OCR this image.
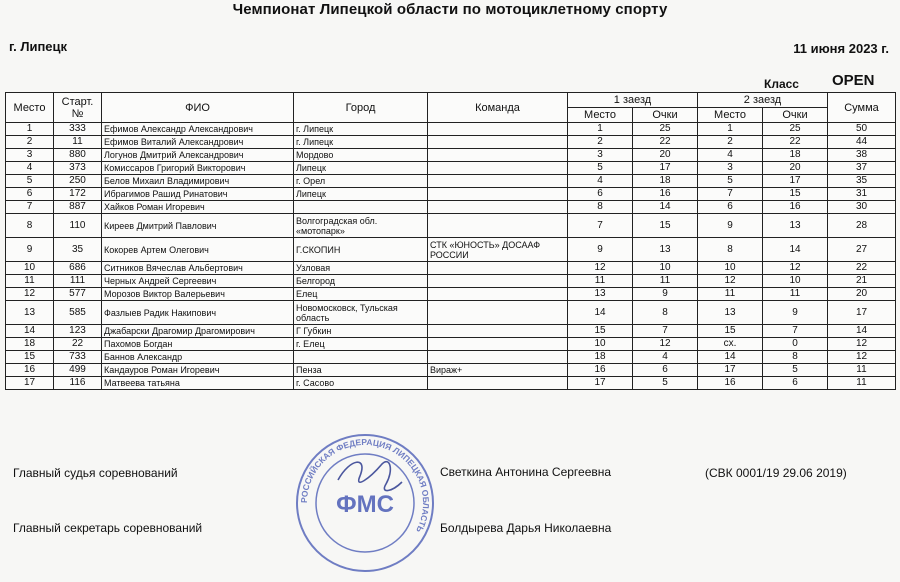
Чемпионат Липецкой области по мотоциклетному спорту
г. Липецк	11 июня 2023 г.
Класс OPEN
Место	Старт.
№	ФИО	Город	Команда	1 заезд		2 заезд		Сумма
					Место	Очки	Место	Очки	
1	333	Ефимов Александр Александрович	г. Липецк		1	25	1	25	50
2	11	Ефимов Виталий Александрович	г. Липецк		2	22	2	22	44
3	880	Логунов Дмитрий Александрович	Мордово		3	20	4	18	38
4	373	Комиссаров Григорий Викторович	Липецк		5	17	3	20	37
5	250	Белов Михаил Владимирович	г. Орел		4	18	5	17	35
6	172	Ибрагимов Рашид Ринатович	Липецк		6	16	7	15	31
7	887	Хайков Роман Игоревич			8	14	6	16	30
8	110	Киреев Дмитрий Павлович	Волгоградская обл. «мотопарк»		7	15	9	13	28
9	35	Кокорев Артем Олегович	Г.СКОПИН	СТК «ЮНОСТЬ» ДОСААФ РОССИИ	9	13	8	14	27
10	686	Ситников Вячеслав Альбертович	Узловая		12	10	10	12	22
11	111	Черных Андрей Сергеевич	Белгород		11	11	12	10	21
12	577	Морозов Виктор Валерьевич	Елец		13	9	11	11	20
13	585	Фазлыев Радик Накипович	Новомосковск, Тульская область		14	8	13	9	17
14	123	Джабарски Драгомир Драгомирович	Г Губкин		15	7	15	7	14
18	22	Пахомов Богдан	г. Елец		10	12	сх.	0	12
15	733	Баннов Александр			18	4	14	8	12
16	499	Кандауров Роман Игоревич	Пенза	Вираж+	16	6	17	5	11
17	116	Матвеева татьяна	г. Сасово		17	5	16	6	11
РОССИЙСКАЯ ФЕДЕРАЦИЯ ЛИПЕЦКАЯ ОБЛАСТЬ
ФМС
Главный судья соревнований	Светкина Антонина Сергеевна	(СВК 0001/19 29.06 2019)
Главный секретарь соревнований	Болдырева Дарья Николаевна
